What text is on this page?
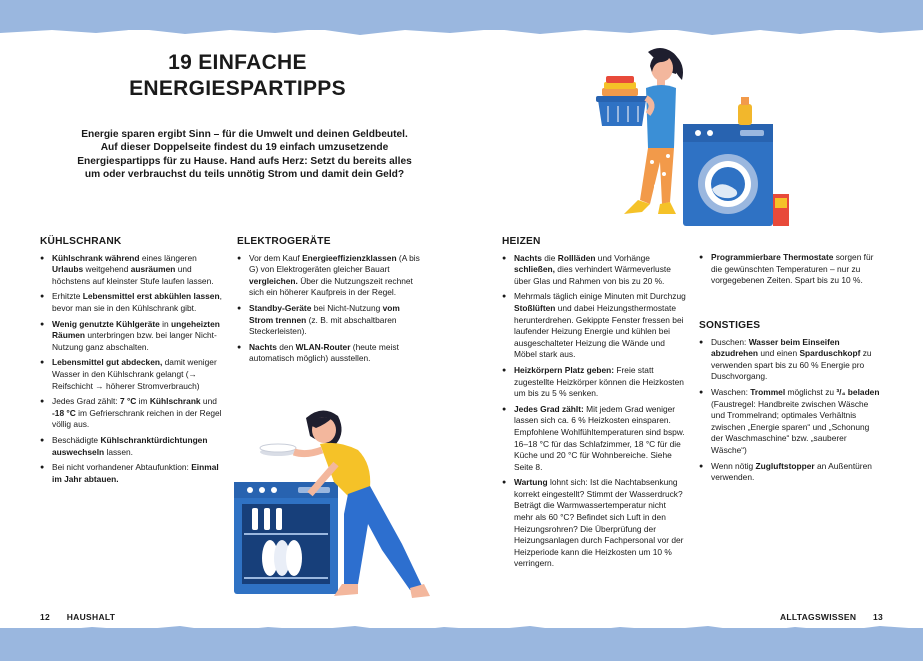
19 EINFACHE
ENERGIESPARTIPPS

Energie sparen ergibt Sinn – für die Umwelt und deinen Geldbeutel. Auf dieser Doppelseite findest du 19 einfach umzusetzende Energiespartipps für zu Hause. Hand aufs Herz: Setzt du bereits alles um oder verbrauchst du teils unnötig Strom und damit dein Geld?

KÜHLSCHRANK
● Kühlschrank während eines längeren Urlaubs weitgehend ausräumen und höchstens auf kleinster Stufe laufen lassen.
● Erhitzte Lebensmittel erst abkühlen lassen, bevor man sie in den Kühlschrank gibt.
● Wenig genutzte Kühlgeräte in ungeheizten Räumen unterbringen bzw. bei langer Nicht-Nutzung ganz abschalten.
● Lebensmittel gut abdecken, damit weniger Wasser in den Kühlschrank gelangt (→ Reifschicht → höherer Stromverbrauch)
● Jedes Grad zählt: 7 °C im Kühlschrank und -18 °C im Gefrierschrank reichen in der Regel völlig aus.
● Beschädigte Kühlschranktürdichtungen auswechseln lassen.
● Bei nicht vorhandener Abtaufunktion: Einmal im Jahr abtauen.
ELEKTROGERÄTE
● Vor dem Kauf Energieeffizienzklassen (A bis G) von Elektrogeräten gleicher Bauart vergleichen. Über die Nutzungszeit rechnet sich ein höherer Kaufpreis in der Regel.
● Standby-Geräte bei Nicht-Nutzung vom Strom trennen (z. B. mit abschaltbaren Steckerleisten).
● Nachts den WLAN-Router (heute meist automatisch möglich) ausstellen.
HEIZEN
● Nachts die Rollläden und Vorhänge schließen, dies verhindert Wärmeverluste über Glas und Rahmen von bis zu 20 %.
● Mehrmals täglich einige Minuten mit Durchzug Stoßlüften und dabei Heizungsthermostate herunterdrehen. Gekippte Fenster fressen bei laufender Heizung Energie und kühlen bei ausgeschalteter Heizung die Wände und Möbel stark aus.
● Heizkörpern Platz geben: Freie statt zugestellte Heizkörper können die Heizkosten um bis zu 5 % senken.
● Jedes Grad zählt: Mit jedem Grad weniger lassen sich ca. 6 % Heizkosten einsparen. Empfohlene Wohlfühltemperaturen sind bspw. 16–18 °C für das Schlafzimmer, 18 °C für die Küche und 20 °C für Wohnbereiche. Siehe Seite 8.
● Wartung lohnt sich: Ist die Nachtabsenkung korrekt eingestellt? Stimmt der Wasserdruck? Beträgt die Warmwassertemperatur nicht mehr als 60 °C? Befindet sich Luft in den Heizungsrohren? Die Überprüfung der Heizungsanlagen durch Fachpersonal vor der Heizperiode kann die Heizkosten um 10 % verringern.
● Programmierbare Thermostate sorgen für die gewünschten Temperaturen – nur zu vorgegebenen Zeiten. Spart bis zu 10 %.
SONSTIGES
● Duschen: Wasser beim Einseifen abzudrehen und einen Sparduschkopf zu verwenden spart bis zu 60 % Energie pro Duschvorgang.
● Waschen: Trommel möglichst zu ³/₄ beladen (Faustregel: Handbreite zwischen Wäsche und Trommelrand; optimales Verhältnis zwischen „Energie sparen“ und „Schonung der Waschmaschine“ bzw. „sauberer Wäsche“)
● Wenn nötig Zugluftstopper an Außentüren verwenden.
12 HAUSHALT	ALLTAGSWISSEN 13
